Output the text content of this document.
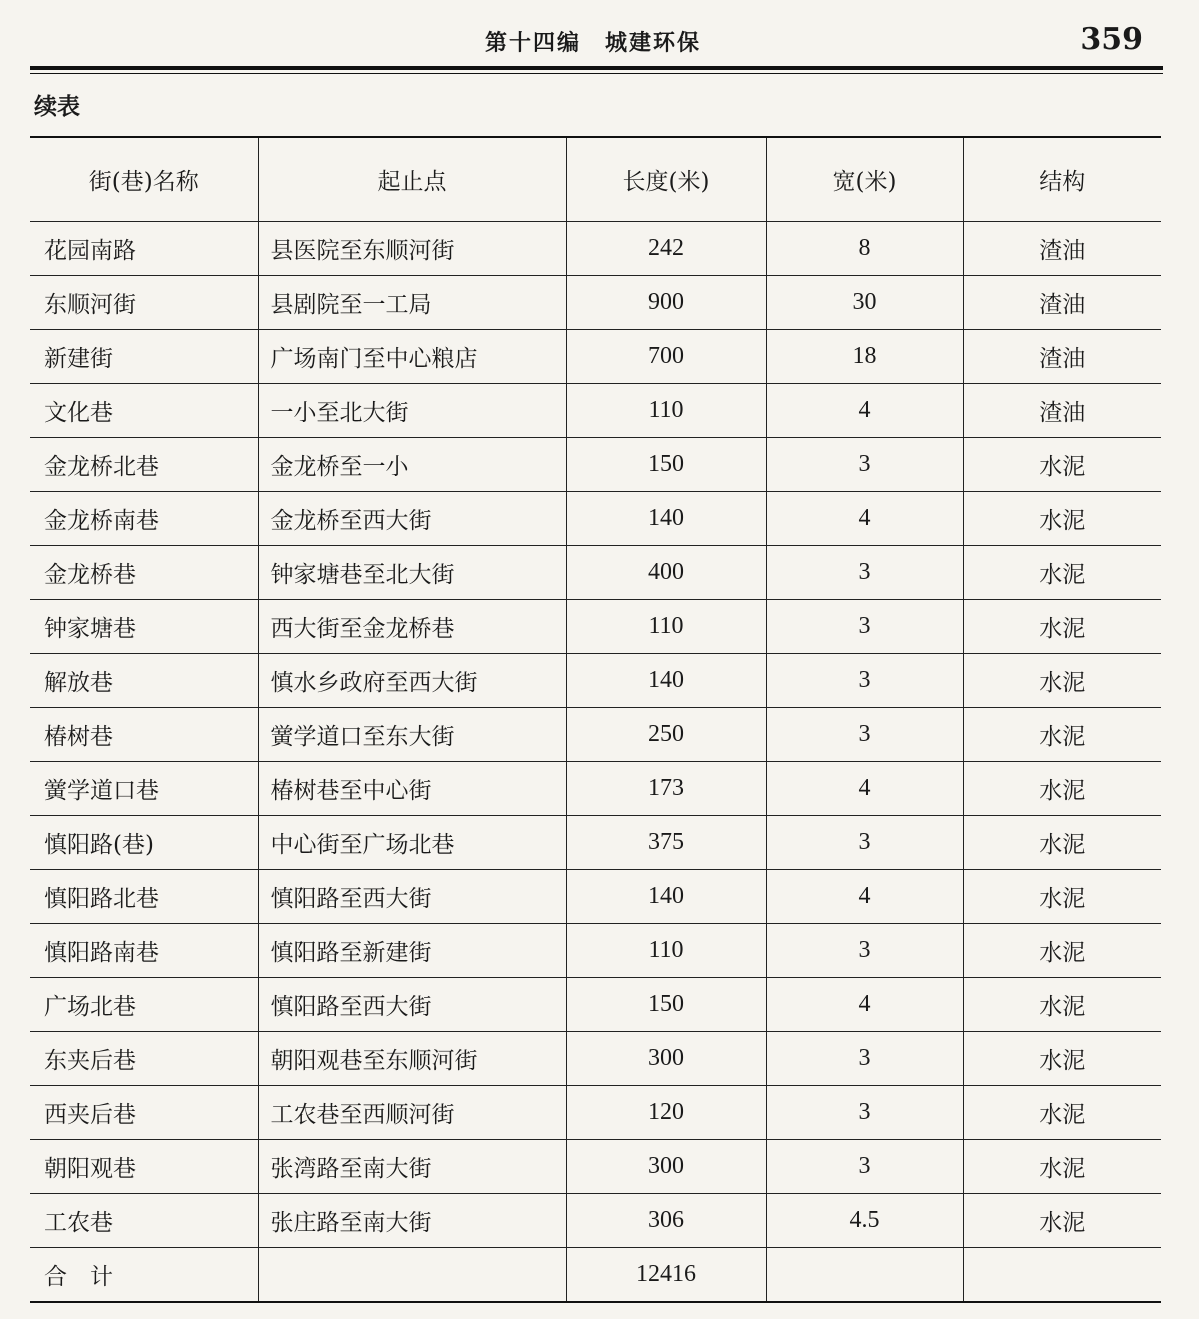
第十四编　城建环保	359
续表
街(巷)名称	起止点	长度(米)	宽(米)	结构
花园南路	县医院至东顺河街	242	8	渣油
东顺河街	县剧院至一工局	900	30	渣油
新建街	广场南门至中心粮店	700	18	渣油
文化巷	一小至北大街	110	4	渣油
金龙桥北巷	金龙桥至一小	150	3	水泥
金龙桥南巷	金龙桥至西大街	140	4	水泥
金龙桥巷	钟家塘巷至北大街	400	3	水泥
钟家塘巷	西大街至金龙桥巷	110	3	水泥
解放巷	慎水乡政府至西大街	140	3	水泥
椿树巷	黉学道口至东大街	250	3	水泥
黉学道口巷	椿树巷至中心街	173	4	水泥
慎阳路(巷)	中心街至广场北巷	375	3	水泥
慎阳路北巷	慎阳路至西大街	140	4	水泥
慎阳路南巷	慎阳路至新建街	110	3	水泥
广场北巷	慎阳路至西大街	150	4	水泥
东夹后巷	朝阳观巷至东顺河街	300	3	水泥
西夹后巷	工农巷至西顺河街	120	3	水泥
朝阳观巷	张湾路至南大街	300	3	水泥
工农巷	张庄路至南大街	306	4.5	水泥
合　计		12416		
